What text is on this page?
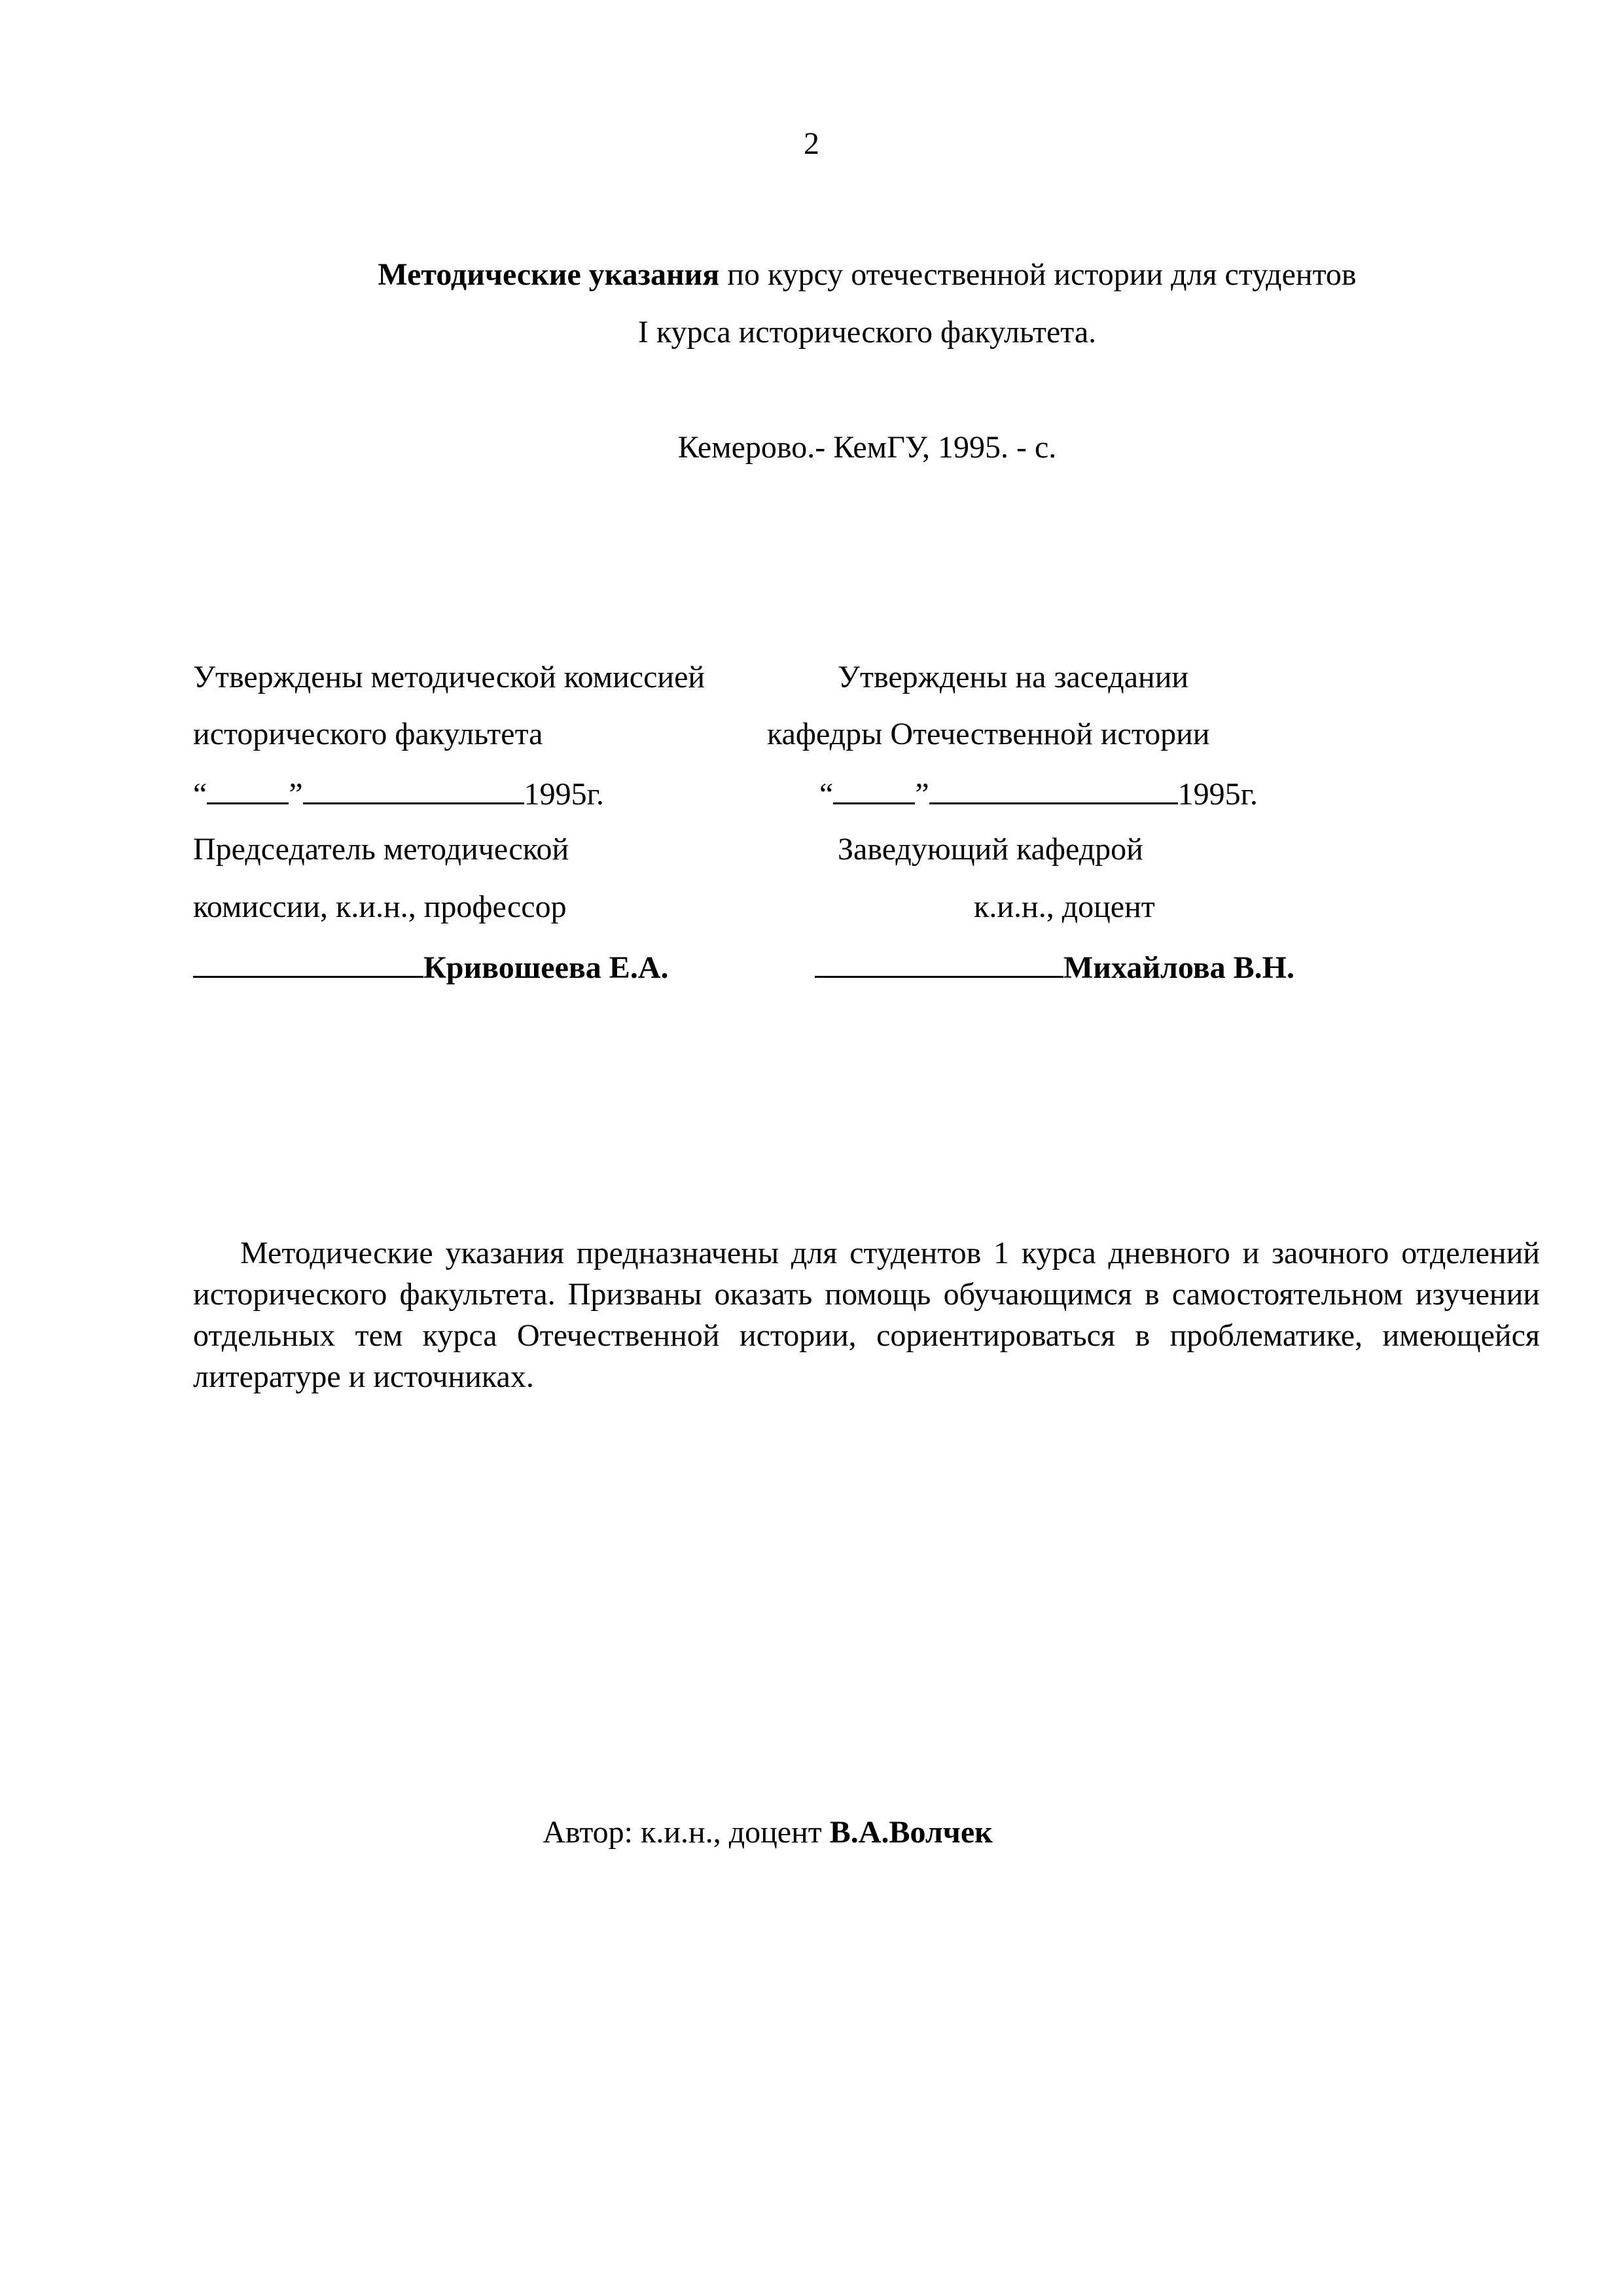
2
Методические указания по курсу отечественной истории для студентов
I курса исторического факультета.
Кемерово.- КемГУ, 1995. - с.
Утверждены методической комиссией
исторического факультета
“	”	1995г.
Председатель методической
комиссии, к.и.н., профессор
Кривошеева Е.А.
Утверждены на заседании
кафедры Отечественной истории
“	”	1995г.
Заведующий кафедрой
к.и.н., доцент
Михайлова В.Н.
Методические указания предназначены для студентов 1 курса дневного и заочного отделений исторического факультета. Призваны оказать помощь обучающимся в самостоятельном изучении отдельных тем курса Отечественной истории, сориентироваться в проблематике, имеющейся литературе и источниках.
Автор: к.и.н., доцент В.А.Волчек
